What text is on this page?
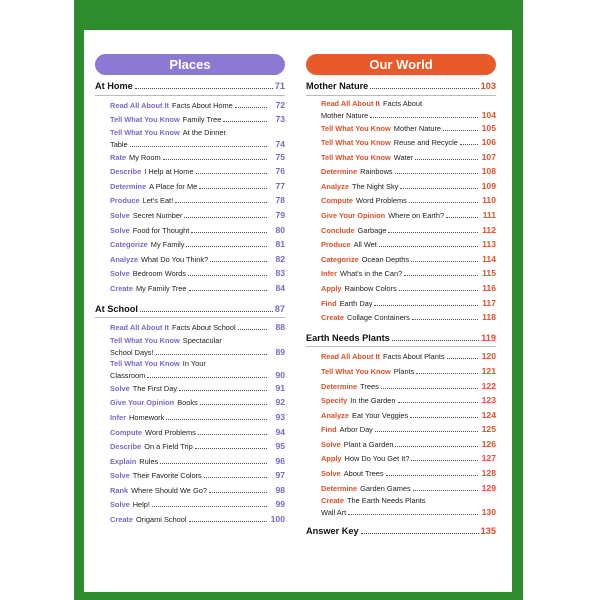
Places
At Home	71
Read All About It Facts About Home	72
Tell What You Know Family Tree	73
Tell What You Know At the Dinner
Table	74
Rate My Room	75
Describe I Help at Home	76
Determine A Place for Me	77
Produce Let's Eat!	78
Solve Secret Number	79
Solve Food for Thought	80
Categorize My Family	81
Analyze What Do You Think?	82
Solve Bedroom Words	83
Create My Family Tree	84
At School	87
Read All About It Facts About School	88
Tell What You Know Spectacular
School Days!	89
Tell What You Know In Your
Classroom	90
Solve The First Day	91
Give Your Opinion Books	92
Infer Homework	93
Compute Word Problems	94
Describe On a Field Trip	95
Explain Rules	96
Solve Their Favorite Colors	97
Rank Where Should We Go?	98
Solve Help!	99
Create Origami School	100
Our World
Mother Nature	103
Read All About It Facts About
Mother Nature	104
Tell What You Know Mother Nature	105
Tell What You Know Reuse and Recycle	106
Tell What You Know Water	107
Determine Rainbows	108
Analyze The Night Sky	109
Compute Word Problems	110
Give Your Opinion Where on Earth?	111
Conclude Garbage	112
Produce All Wet	113
Categorize Ocean Depths	114
Infer What's in the Can?	115
Apply Rainbow Colors	116
Find Earth Day	117
Create Collage Containers	118
Earth Needs Plants	119
Read All About It Facts About Plants	120
Tell What You Know Plants	121
Determine Trees	122
Specify In the Garden	123
Analyze Eat Your Veggies	124
Find Arbor Day	125
Solve Plant a Garden	126
Apply How Do You Get It?	127
Solve About Trees	128
Determine Garden Games	129
Create The Earth Needs Plants
Wall Art	130
Answer Key	135
